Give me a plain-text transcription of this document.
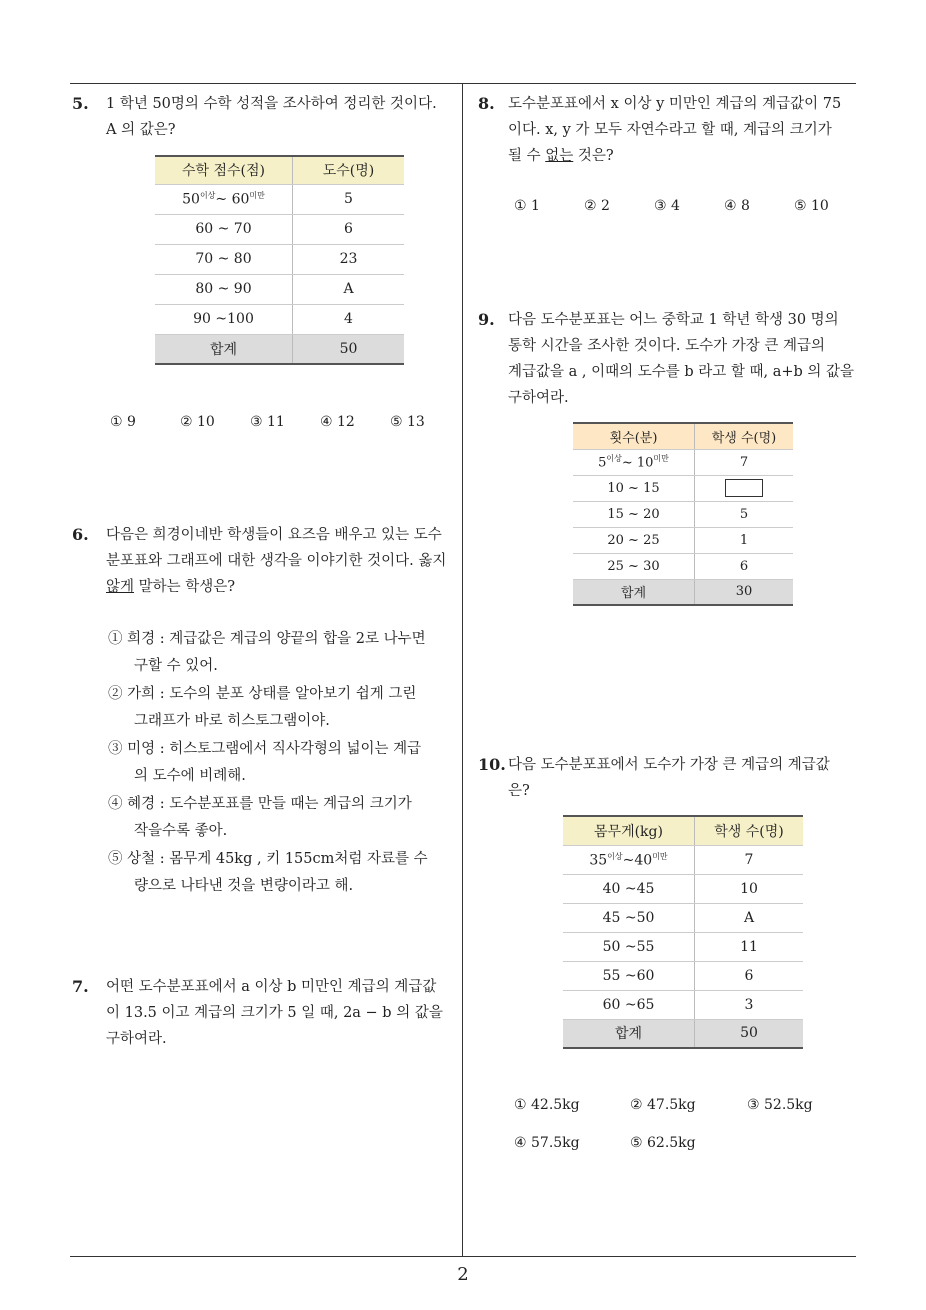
5. 1 학년 50명의 수학 성적을 조사하여 정리한 것이다.
A 의 값은?
수학 점수(점)	도수(명)
$50^{이상}\sim$ $60^{미만}$	5
60 ~ 70	6
70 ~ 80	23
80 ~ 90	A
90 ~100	4
합계	50
① 9	② 10	③ 11	④ 12	⑤ 13
6. 다음은 희경이네반 학생들이 요즈음 배우고 있는 도수
분포표와 그래프에 대한 생각을 이야기한 것이다. 옳지
않게 말하는 학생은?
① 희경 : 계급값은 계급의 양끝의 합을 2로 나누면
구할 수 있어.
② 가희 : 도수의 분포 상태를 알아보기 쉽게 그린
그래프가 바로 히스토그램이야.
③ 미영 : 히스토그램에서 직사각형의 넓이는 계급
의 도수에 비례해.
④ 혜경 : 도수분포표를 만들 때는 계급의 크기가
작을수록 좋아.
⑤ 상철 : 몸무게 45kg , 키 155cm처럼 자료를 수
량으로 나타낸 것을 변량이라고 해.
7. 어떤 도수분포표에서 a 이상 b 미만인 계급의 계급값
이 13.5 이고 계급의 크기가 5 일 때, 2a − b 의 값을
구하여라.
8. 도수분포표에서 x 이상 y 미만인 계급의 계급값이 75
이다. x, y 가 모두 자연수라고 할 때, 계급의 크기가
될 수 없는 것은?
① 1	② 2	③ 4	④ 8	⑤ 10
9. 다음 도수분포표는 어느 중학교 1 학년 학생 30 명의
통학 시간을 조사한 것이다. 도수가 가장 큰 계급의
계급값을 a , 이때의 도수를 b 라고 할 때, a+b 의 값을
구하여라.
횟수(분)	학생 수(명)
$5^{이상}\sim$ $10^{미만}$	7
10 ~ 15	
15 ~ 20	5
20 ~ 25	1
25 ~ 30	6
합계	30
10. 다음 도수분포표에서 도수가 가장 큰 계급의 계급값
은?
몸무게(kg)	학생 수(명)
$35^{이상}\sim 40^{미만}$	7
40 ~45	10
45 ~50	A
50 ~55	11
55 ~60	6
60 ~65	3
합계	50
① 42.5kg	② 47.5kg	③ 52.5kg
④ 57.5kg	⑤ 62.5kg
2
